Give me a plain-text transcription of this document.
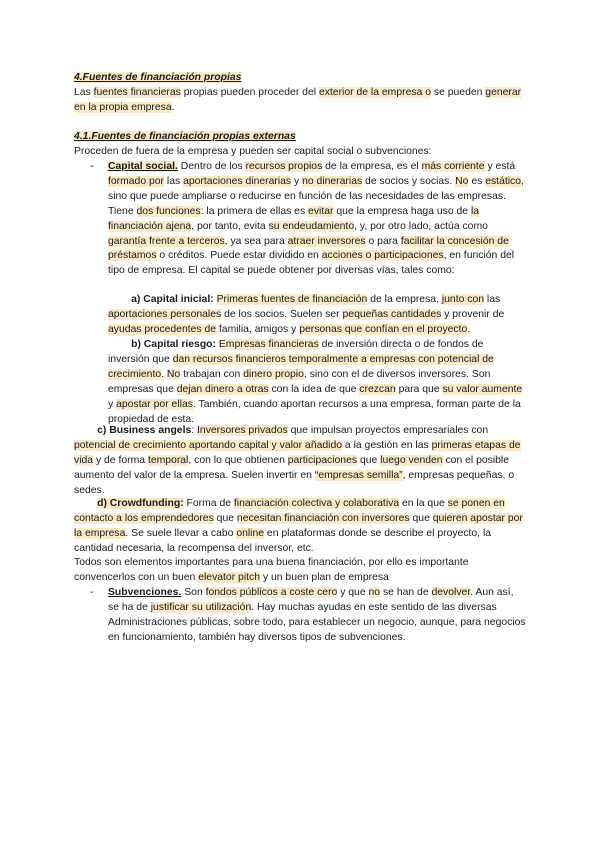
4.Fuentes de financiación propias

Las fuentes financieras propias pueden proceder del exterior de la empresa o se pueden generar en la propia empresa.

4.1.Fuentes de financiación propias externas

Proceden de fuera de la empresa y pueden ser capital social o subvenciones:

- Capital social. Dentro de los recursos propios de la empresa, es el más corriente y está formado por las aportaciones dinerarias y no dinerarias de socios y socias. No es estático, sino que puede ampliarse o reducirse en función de las necesidades de las empresas. Tiene dos funciones: la primera de ellas es evitar que la empresa haga uso de la financiación ajena, por tanto, evita su endeudamiento, y, por otro lado, actúa como garantía frente a terceros, ya sea para atraer inversores o para facilitar la concesión de préstamos o créditos. Puede estar dividido en acciones o participaciones, en función del tipo de empresa. El capital se puede obtener por diversas vías, tales como:

a) Capital inicial: Primeras fuentes de financiación de la empresa, junto con las aportaciones personales de los socios. Suelen ser pequeñas cantidades y provenir de ayudas procedentes de familia, amigos y personas que confían en el proyecto.

b) Capital riesgo: Empresas financieras de inversión directa o de fondos de inversión que dan recursos financieros temporalmente a empresas con potencial de crecimiento. No trabajan con dinero propio, sino con el de diversos inversores. Son empresas que dejan dinero a otras con la idea de que crezcan para que su valor aumente y apostar por ellas. También, cuando aportan recursos a una empresa, forman parte de la propiedad de esta.

c) Business angels: Inversores privados que impulsan proyectos empresariales con potencial de crecimiento aportando capital y valor añadido a la gestión en las primeras etapas de vida y de forma temporal, con lo que obtienen participaciones que luego venden con el posible aumento del valor de la empresa. Suelen invertir en “empresas semilla”, empresas pequeñas, o sedes.

d) Crowdfunding: Forma de financiación colectiva y colaborativa en la que se ponen en contacto a los emprendedores que necesitan financiación con inversores que quieren apostar por la empresa. Se suele llevar a cabo online en plataformas donde se describe el proyecto, la cantidad necesaria, la recompensa del inversor, etc.

Todos son elementos importantes para una buena financiación, por ello es importante convencerlos con un buen elevator pitch y un buen plan de empresa

- Subvenciones. Son fondos públicos a coste cero y que no se han de devolver. Aun así, se ha de justificar su utilización. Hay muchas ayudas en este sentido de las diversas Administraciones públicas, sobre todo, para establecer un negocio, aunque, para negocios en funcionamiento, también hay diversos tipos de subvenciones.
